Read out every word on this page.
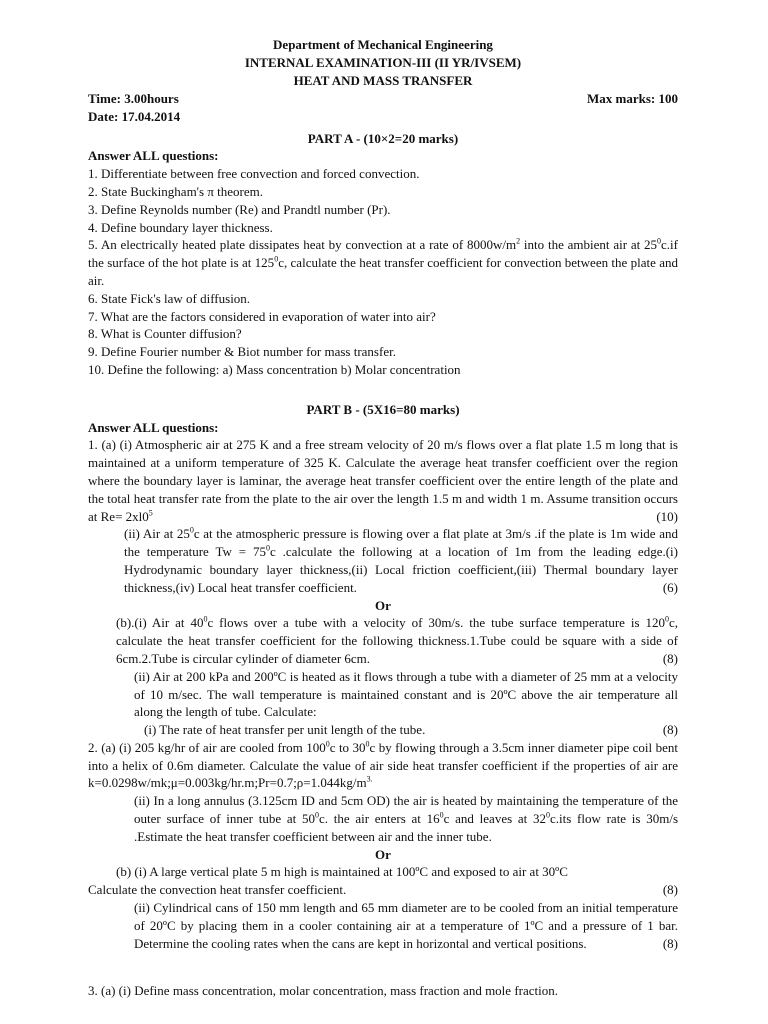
Department of Mechanical Engineering
INTERNAL EXAMINATION-III (II YR/IVSEM)
HEAT AND MASS TRANSFER
Time: 3.00hours	Max marks: 100
Date: 17.04.2014
PART A - (10×2=20 marks)
Answer ALL questions:
1. Differentiate between free convection and forced convection.
2. State Buckingham's π theorem.
3. Define Reynolds number (Re) and Prandtl number (Pr).
4. Define boundary layer thickness.
5. An electrically heated plate dissipates heat by convection at a rate of $8000w/m^2$ into the ambient air at $25^0c.if$ the surface of the hot plate is at $125^0c$, calculate the heat transfer coefficient for convection between the plate and air.
6. State Fick's law of diffusion.
7. What are the factors considered in evaporation of water into air?
8. What is Counter diffusion?
9. Define Fourier number & Biot number for mass transfer.
10. Define the following: a) Mass concentration b) Molar concentration
PART B - (5X16=80 marks)
Answer ALL questions:
1. (a) (i) Atmospheric air at 275 K and a free stream velocity of 20 m/s flows over a flat plate 1.5 m long that is maintained at a uniform temperature of 325 K. Calculate the average heat transfer coefficient over the region where the boundary layer is laminar, the average heat transfer coefficient over the entire length of the plate and the total heat transfer rate from the plate to the air over the length 1.5 m and width 1 m. Assume transition occurs at $Re= 2xl0^5$	(10)
(ii) Air at $25^0c$ at the atmospheric pressure is flowing over a flat plate at 3m/s .if the plate is 1m wide and the temperature $Tw = 75^0c$ .calculate the following at a location of 1m from the leading edge.(i) Hydrodynamic boundary layer thickness,(ii) Local friction coefficient,(iii) Thermal boundary layer thickness,(iv) Local heat transfer coefficient.	(6)
Or
(b).(i) Air at $40^0c$ flows over a tube with a velocity of 30m/s. the tube surface temperature is $120^0c$, calculate the heat transfer coefficient for the following thickness.1.Tube could be square with a side of 6cm.2.Tube is circular cylinder of diameter 6cm.	(8)
(ii) Air at 200 kPa and 200ºC is heated as it flows through a tube with a diameter of 25 mm at a velocity of 10 m/sec. The wall temperature is maintained constant and is 20ºC above the air temperature all along the length of tube. Calculate:
(i) The rate of heat transfer per unit length of the tube.	(8)
2. (a) (i) 205 kg/hr of air are cooled from $100^0c$ to $30^0c$ by flowing through a 3.5cm inner diameter pipe coil bent into a helix of 0.6m diameter. Calculate the value of air side heat transfer coefficient if the properties of air are $k=0.0298w/mk;\mu=0.003kg/hr.m;Pr=0.7;\rho=1.044kg/m^{3.}$
(ii) In a long annulus (3.125cm ID and 5cm OD) the air is heated by maintaining the temperature of the outer surface of inner tube at $50^0c$. the air enters at $16^0c$ and leaves at $32^0c.its$ flow rate is 30m/s .Estimate the heat transfer coefficient between air and the inner tube.
Or
(b) (i) A large vertical plate 5 m high is maintained at 100ºC and exposed to air at 30ºC
Calculate the convection heat transfer coefficient.	(8)
(ii) Cylindrical cans of 150 mm length and 65 mm diameter are to be cooled from an initial temperature of 20ºC by placing them in a cooler containing air at a temperature of 1ºC and a pressure of 1 bar. Determine the cooling rates when the cans are kept in horizontal and vertical positions.	(8)
3. (a) (i) Define mass concentration, molar concentration, mass fraction and mole fraction.
